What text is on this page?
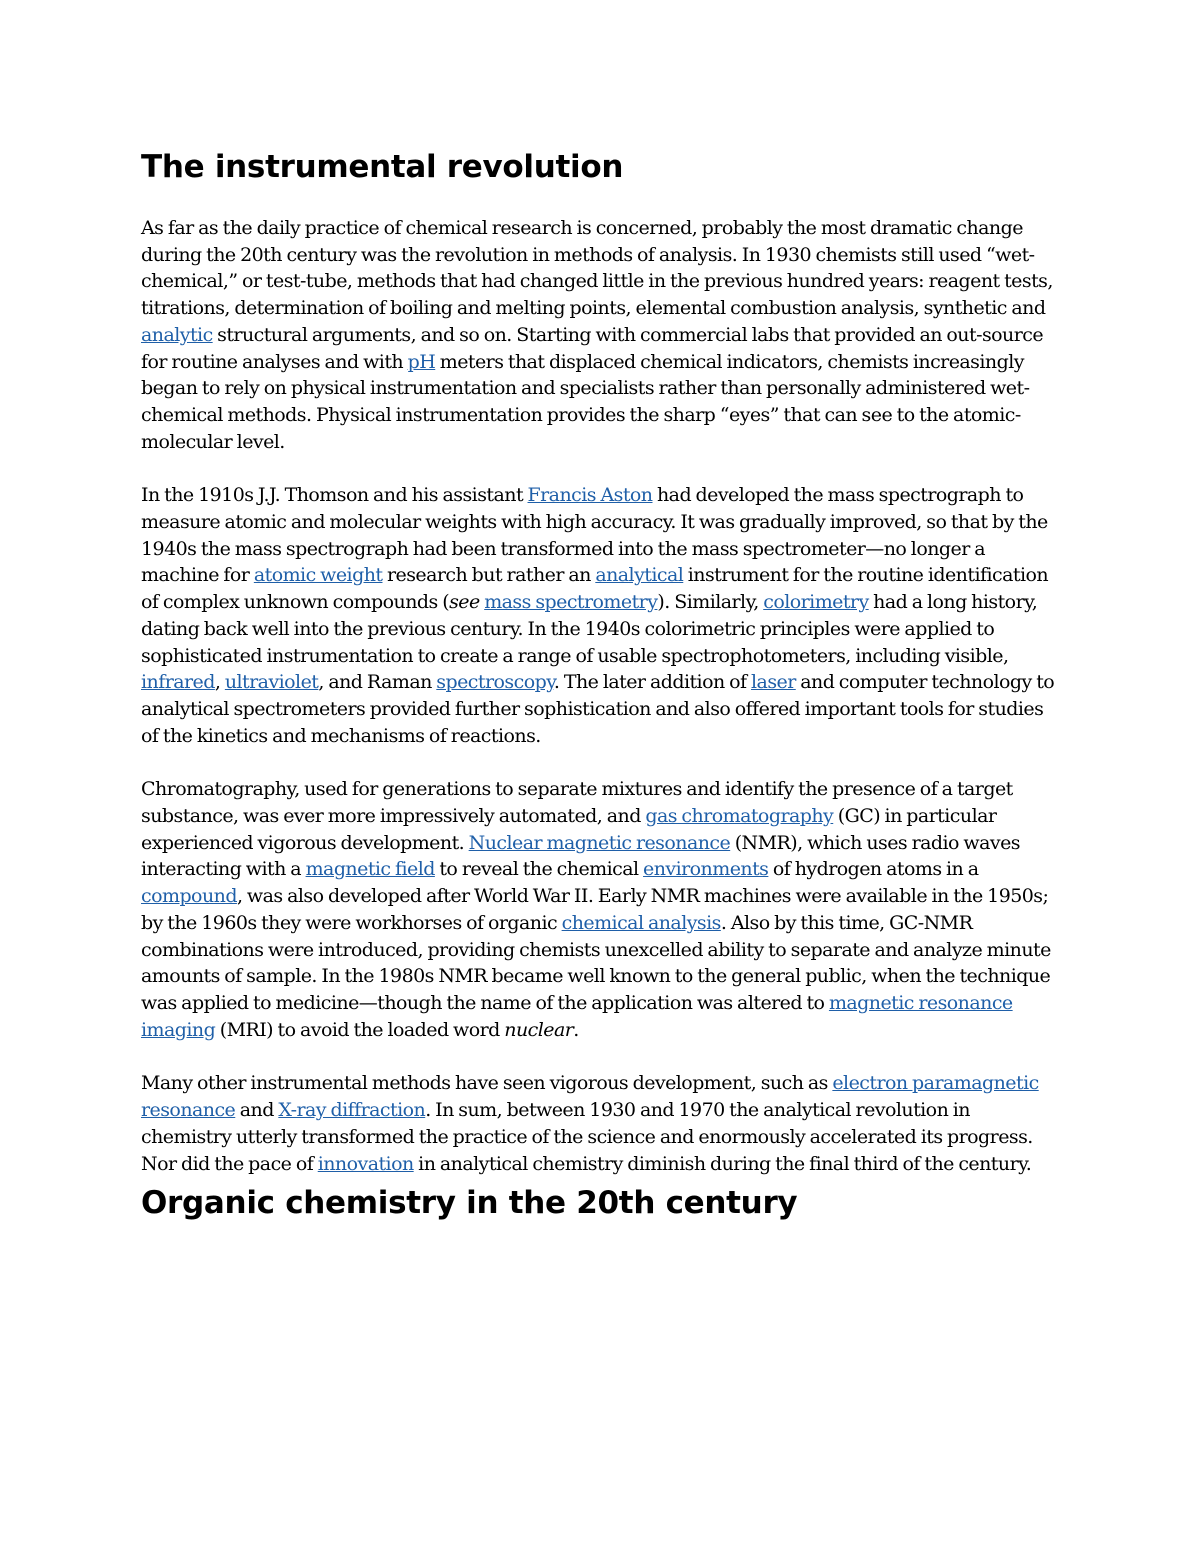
The instrumental revolution

As far as the daily practice of chemical research is concerned, probably the most dramatic change during the 20th century was the revolution in methods of analysis. In 1930 chemists still used “wet-chemical,” or test-tube, methods that had changed little in the previous hundred years: reagent tests, titrations, determination of boiling and melting points, elemental combustion analysis, synthetic and analytic structural arguments, and so on. Starting with commercial labs that provided an out-source for routine analyses and with pH meters that displaced chemical indicators, chemists increasingly began to rely on physical instrumentation and specialists rather than personally administered wet-chemical methods. Physical instrumentation provides the sharp “eyes” that can see to the atomic-molecular level.

In the 1910s J.J. Thomson and his assistant Francis Aston had developed the mass spectrograph to measure atomic and molecular weights with high accuracy. It was gradually improved, so that by the 1940s the mass spectrograph had been transformed into the mass spectrometer—no longer a machine for atomic weight research but rather an analytical instrument for the routine identification of complex unknown compounds (see mass spectrometry). Similarly, colorimetry had a long history, dating back well into the previous century. In the 1940s colorimetric principles were applied to sophisticated instrumentation to create a range of usable spectrophotometers, including visible, infrared, ultraviolet, and Raman spectroscopy. The later addition of laser and computer technology to analytical spectrometers provided further sophistication and also offered important tools for studies of the kinetics and mechanisms of reactions.

Chromatography, used for generations to separate mixtures and identify the presence of a target substance, was ever more impressively automated, and gas chromatography (GC) in particular experienced vigorous development. Nuclear magnetic resonance (NMR), which uses radio waves interacting with a magnetic field to reveal the chemical environments of hydrogen atoms in a compound, was also developed after World War II. Early NMR machines were available in the 1950s; by the 1960s they were workhorses of organic chemical analysis. Also by this time, GC-NMR combinations were introduced, providing chemists unexcelled ability to separate and analyze minute amounts of sample. In the 1980s NMR became well known to the general public, when the technique was applied to medicine—though the name of the application was altered to magnetic resonance imaging (MRI) to avoid the loaded word nuclear.

Many other instrumental methods have seen vigorous development, such as electron paramagnetic resonance and X-ray diffraction. In sum, between 1930 and 1970 the analytical revolution in chemistry utterly transformed the practice of the science and enormously accelerated its progress. Nor did the pace of innovation in analytical chemistry diminish during the final third of the century.

Organic chemistry in the 20th century
